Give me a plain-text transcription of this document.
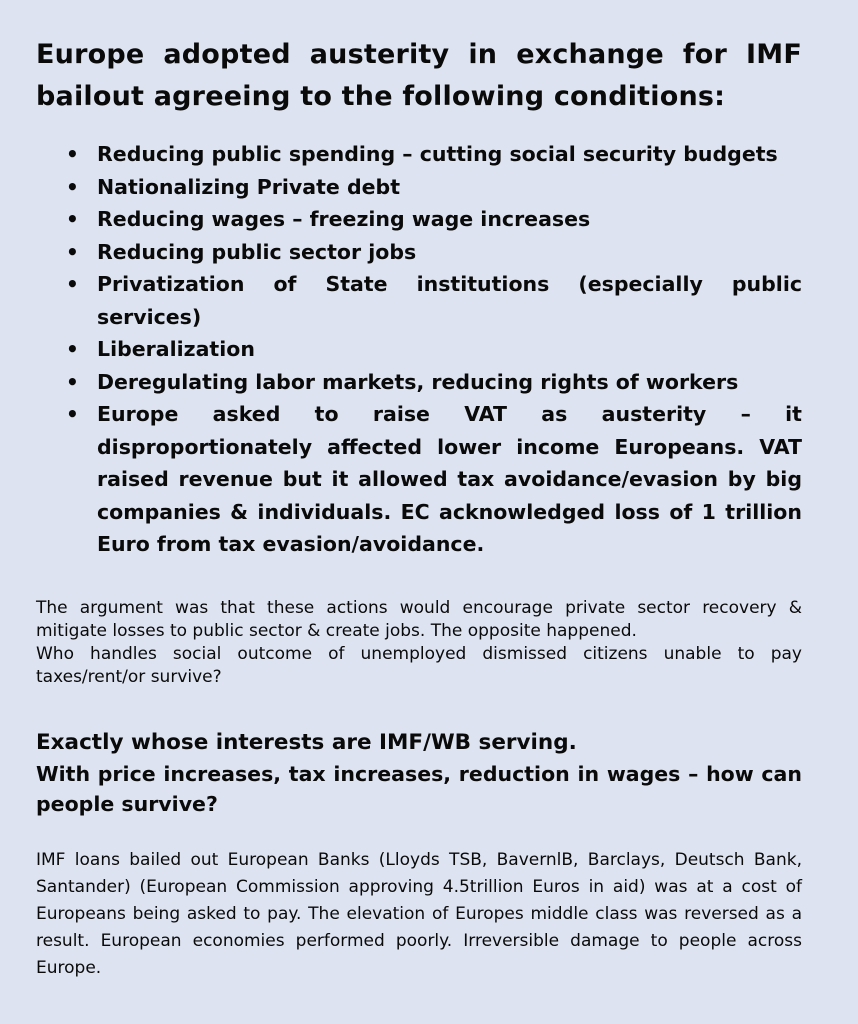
Europe adopted austerity in exchange for IMF bailout agreeing to the following conditions:
• Reducing public spending – cutting social security budgets
• Nationalizing Private debt
• Reducing wages – freezing wage increases
• Reducing public sector jobs
• Privatization of State institutions (especially public services)
• Liberalization
• Deregulating labor markets, reducing rights of workers
• Europe asked to raise VAT as austerity – it disproportionately affected lower income Europeans. VAT raised revenue but it allowed tax avoidance/evasion by big companies & individuals. EC acknowledged loss of 1 trillion Euro from tax evasion/avoidance.

The argument was that these actions would encourage private sector recovery & mitigate losses to public sector & create jobs. The opposite happened.

Who handles social outcome of unemployed dismissed citizens unable to pay taxes/rent/or survive?

Exactly whose interests are IMF/WB serving.
With price increases, tax increases, reduction in wages – how can people survive?

IMF loans bailed out European Banks (Lloyds TSB, BavernlB, Barclays, Deutsch Bank, Santander) (European Commission approving 4.5trillion Euros in aid) was at a cost of Europeans being asked to pay. The elevation of Europes middle class was reversed as a result. European economies performed poorly. Irreversible damage to people across Europe.
